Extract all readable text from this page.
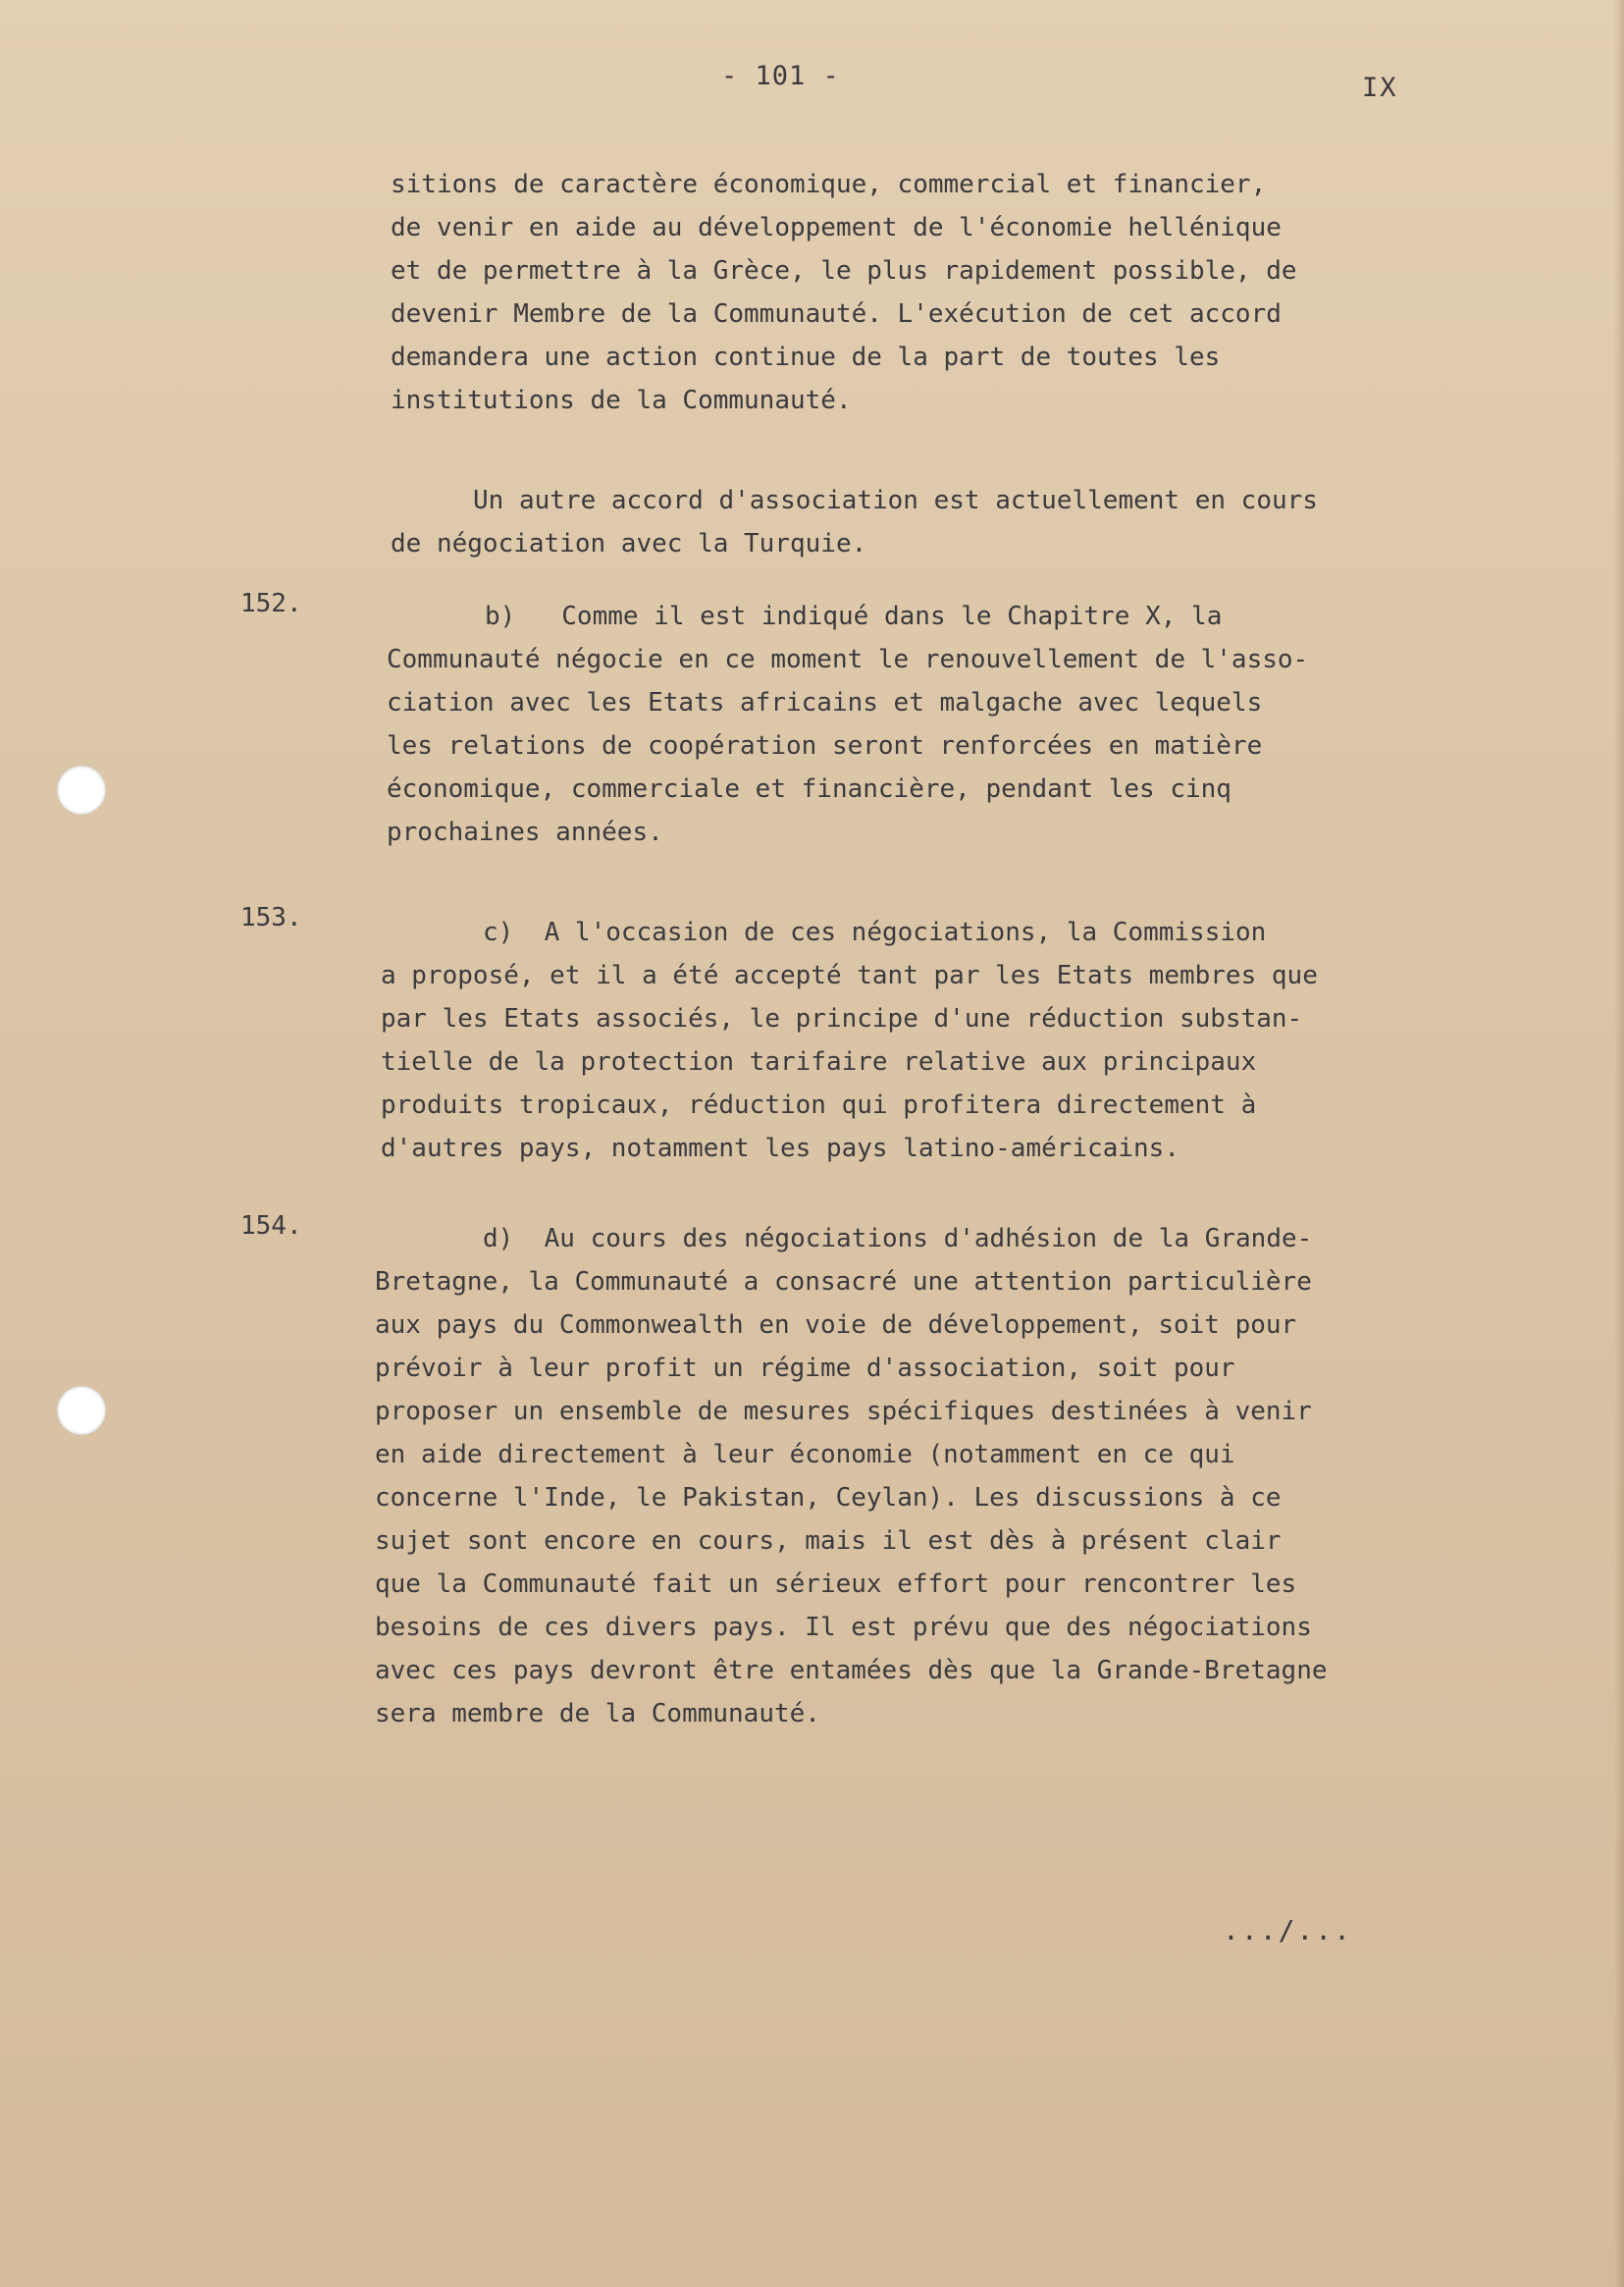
- 101 -	IX
sitions de caractère économique, commercial et financier,
de venir en aide au développement de l'économie hellénique
et de permettre à la Grèce, le plus rapidement possible, de
devenir Membre de la Communauté. L'exécution de cet accord
demandera une action continue de la part de toutes les
institutions de la Communauté.
Un autre accord d'association est actuellement en cours
de négociation avec la Turquie.
152.	b)   Comme il est indiqué dans le Chapitre X, la
Communauté négocie en ce moment le renouvellement de l'asso-
ciation avec les Etats africains et malgache avec lequels
les relations de coopération seront renforcées en matière
économique, commerciale et financière, pendant les cinq
prochaines années.
153.	c)  A l'occasion de ces négociations, la Commission
a proposé, et il a été accepté tant par les Etats membres que
par les Etats associés, le principe d'une réduction substan-
tielle de la protection tarifaire relative aux principaux
produits tropicaux, réduction qui profitera directement à
d'autres pays, notamment les pays latino-américains.
154.	d)  Au cours des négociations d'adhésion de la Grande-
Bretagne, la Communauté a consacré une attention particulière
aux pays du Commonwealth en voie de développement, soit pour
prévoir à leur profit un régime d'association, soit pour
proposer un ensemble de mesures spécifiques destinées à venir
en aide directement à leur économie (notamment en ce qui
concerne l'Inde, le Pakistan, Ceylan). Les discussions à ce
sujet sont encore en cours, mais il est dès à présent clair
que la Communauté fait un sérieux effort pour rencontrer les
besoins de ces divers pays. Il est prévu que des négociations
avec ces pays devront être entamées dès que la Grande-Bretagne
sera membre de la Communauté.
.../...
